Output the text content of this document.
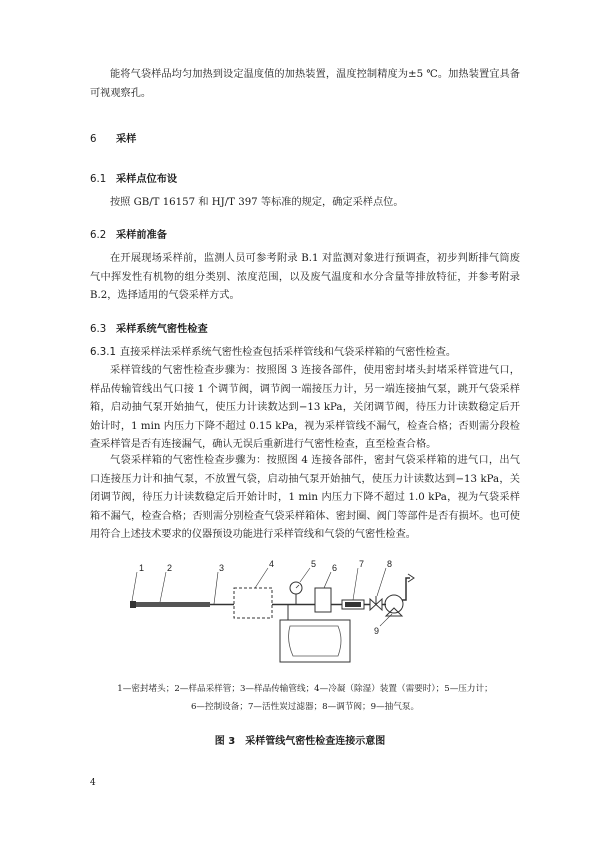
能将气袋样品均匀加热到设定温度值的加热装置，温度控制精度为±5 ℃。加热装置宜具备可视观察孔。

6 采样
6.1 采样点位布设

按照 GB/T 16157 和 HJ/T 397 等标准的规定，确定采样点位。

6.2 采样前准备

在开展现场采样前，监测人员可参考附录 B.1 对监测对象进行预调查，初步判断排气筒废气中挥发性有机物的组分类别、浓度范围，以及废气温度和水分含量等排放特征，并参考附录 B.2，选择适用的气袋采样方式。

6.3 采样系统气密性检查

6.3.1 直接采样法采样系统气密性检查包括采样管线和气袋采样箱的气密性检查。

采样管线的气密性检查步骤为：按照图 3 连接各部件，使用密封堵头封堵采样管进气口，样品传输管线出气口接 1 个调节阀，调节阀一端接压力计，另一端连接抽气泵，跳开气袋采样箱，启动抽气泵开始抽气，使压力计读数达到−13 kPa，关闭调节阀，待压力计读数稳定后开始计时，1 min 内压力下降不超过 0.15 kPa，视为采样管线不漏气，检查合格；否则需分段检查采样管是否有连接漏气，确认无误后重新进行气密性检查，直至检查合格。

气袋采样箱的气密性检查步骤为：按照图 4 连接各部件，密封气袋采样箱的进气口，出气口连接压力计和抽气泵，不放置气袋，启动抽气泵开始抽气，使压力计读数达到−13 kPa，关闭调节阀，待压力计读数稳定后开始计时，1 min 内压力下降不超过 1.0 kPa，视为气袋采样箱不漏气，检查合格；否则需分别检查气袋采样箱体、密封圈、阀门等部件是否有损坏。也可使用符合上述技术要求的仪器预设功能进行采样管线和气袋的气密性检查。

1	2	3	4	5 6 7	8
9

1—密封堵头；2—样品采样管；3—样品传输管线；4—冷凝（除湿）装置（需要时）；5—压力计；

6—控制设备；7—活性炭过滤器；8—调节阀；9—抽气泵。

图 3　采样管线气密性检查连接示意图
4
